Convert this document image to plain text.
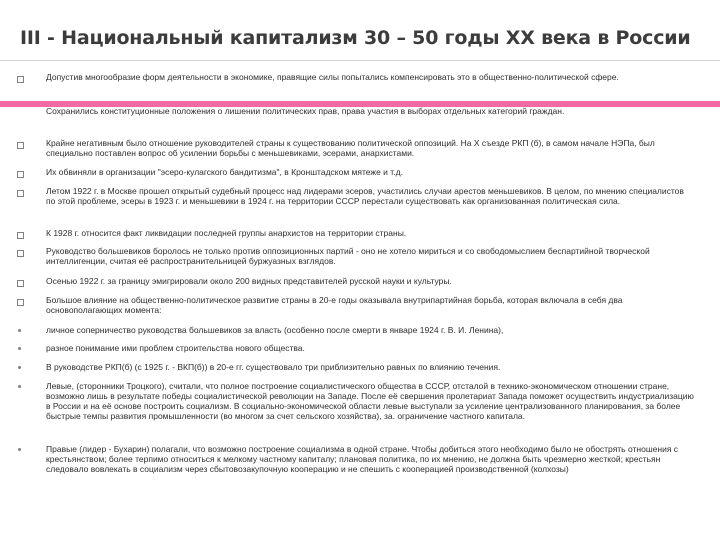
III - Национальный капитализм 30 – 50 годы XX века в России
Допустив многообразие форм деятельности в экономике, правящие силы попытались компенсировать это в общественно-политической сфере.
Сохранились конституционные положения о лишении политических прав, права участия в выборах отдельных категорий граждан.
Крайне негативным было отношение руководителей страны к существованию политической оппозиций. На X съезде РКП (б), в самом начале НЭПа, был специально поставлен вопрос об усилении борьбы с меньшевиками, эсерами, анархистами.
Их обвиняли в организации "эсеро-кулагского бандитизма", в Кронштадском мятеже и т.д.
Летом 1922 г. в Москве прошел открытый судебный процесс над лидерами эсеров, участились случаи арестов меньшевиков. В целом, по мнению специалистов по этой проблеме, эсеры в 1923 г. и меньшевики в 1924 г. на территории СССР перестали существовать как организованная политическая сила.
К 1928 г. относится факт ликвидации последней группы анархистов на территории страны.
Руководство большевиков боролось не только против оппозиционных партий - оно не хотело мириться и со свободомыслием беспартийной творческой интеллигенции, считая её распространительницей буржуазных взглядов.
Осенью 1922 г. за границу эмигрировали около 200 видных представителей русской науки и культуры.
Большое влияние на общественно-политическое развитие страны в 20-е годы оказывала внутрипартийная борьба, которая включала в себя два основополагающих момента:
личное соперничество руководства большевиков за власть (особенно после смерти в январе 1924 г. В. И. Ленина),
разное понимание ими проблем строительства нового общества.
В руководстве РКП(б) (с 1925 г. - ВКП(б)) в 20-е гг. существовало три приблизительно равных по влиянию течения.
Левые, (сторонники Троцкого), считали, что полное построение социалистического общества в СССР, отсталой в технико-экономическом отношении стране, возможно лишь в результате победы социалистической революции на Западе. После её свершения пролетариат Запада поможет осуществить индустриализацию в России и на её основе построить социализм. В социально-экономической области левые выступали за усиление централизованного планирования, за более быстрые темпы развития промышленности (во многом за счет сельского хозяйства), за. ограничение частного капитала.
Правые (лидер - Бухарин) полагали, что возможно построение социализма в одной стране. Чтобы добиться этого необходимо было не обострять отношения с крестьянством; более терпимо относиться к мелкому частному капиталу; плановая политика, по их мнению, не должна быть чрезмерно жесткой; крестьян следовало вовлекать в социализм через сбытовозакупочную кооперацию и не спешить с кооперацией производственной (колхозы)
